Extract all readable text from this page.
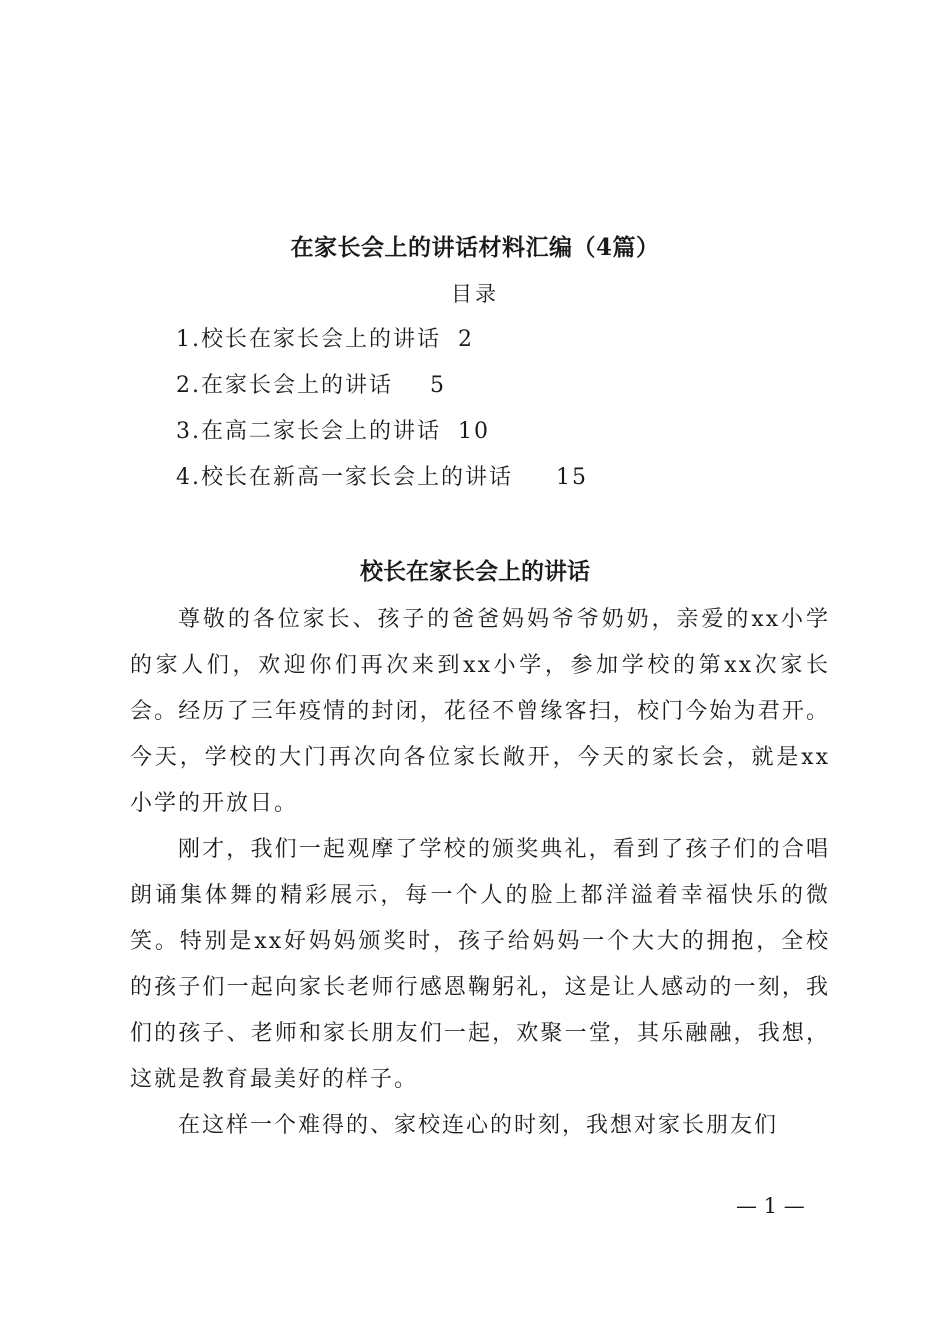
在家长会上的讲话材料汇编（4篇）
目录
1.校长在家长会上的讲话 2
2.在家长会上的讲话 5
3.在高二家长会上的讲话 10
4.校长在新高一家长会上的讲话 15
校长在家长会上的讲话

尊敬的各位家长、孩子的爸爸妈妈爷爷奶奶，亲爱的xx小学的家人们，欢迎你们再次来到xx小学，参加学校的第xx次家长会。经历了三年疫情的封闭，花径不曾缘客扫，校门今始为君开。今天，学校的大门再次向各位家长敞开，今天的家长会，就是xx小学的开放日。

刚才，我们一起观摩了学校的颁奖典礼，看到了孩子们的合唱朗诵集体舞的精彩展示，每一个人的脸上都洋溢着幸福快乐的微笑。特别是xx好妈妈颁奖时，孩子给妈妈一个大大的拥抱，全校的孩子们一起向家长老师行感恩鞠躬礼，这是让人感动的一刻，我们的孩子、老师和家长朋友们一起，欢聚一堂，其乐融融，我想，这就是教育最美好的样子。

在这样一个难得的、家校连心的时刻，我想对家长朋友们

— 1 —
